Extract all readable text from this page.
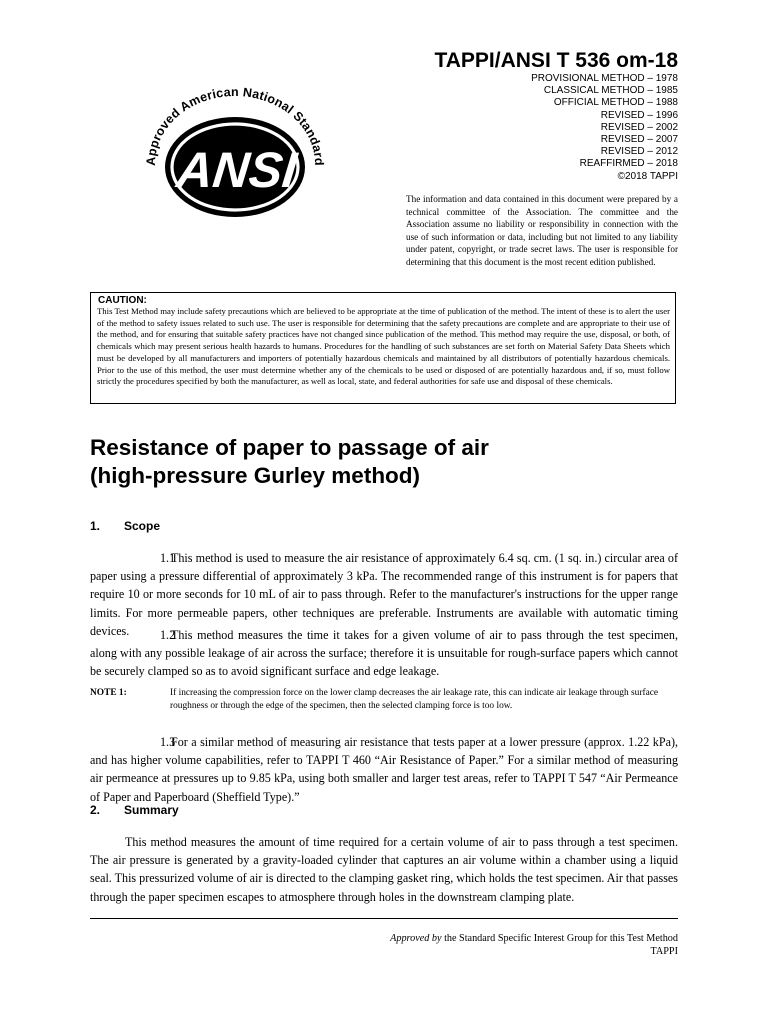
TAPPI/ANSI T 536 om-18
PROVISIONAL METHOD – 1978
CLASSICAL METHOD – 1985
OFFICIAL METHOD – 1988
REVISED – 1996
REVISED – 2002
REVISED – 2007
REVISED – 2012
REAFFIRMED – 2018
©2018 TAPPI
Approved American National Standard
ANSI
The information and data contained in this document were prepared by a technical committee of the Association. The committee and the Association assume no liability or responsibility in connection with the use of such information or data, including but not limited to any liability under patent, copyright, or trade secret laws. The user is responsible for determining that this document is the most recent edition published.
CAUTION:
This Test Method may include safety precautions which are believed to be appropriate at the time of publication of the method. The intent of these is to alert the user of the method to safety issues related to such use. The user is responsible for determining that the safety precautions are complete and are appropriate to their use of the method, and for ensuring that suitable safety practices have not changed since publication of the method. This method may require the use, disposal, or both, of chemicals which may present serious health hazards to humans. Procedures for the handling of such substances are set forth on Material Safety Data Sheets which must be developed by all manufacturers and importers of potentially hazardous chemicals and maintained by all distributors of potentially hazardous chemicals. Prior to the use of this method, the user must determine whether any of the chemicals to be used or disposed of are potentially hazardous and, if so, must follow strictly the procedures specified by both the manufacturer, as well as local, state, and federal authorities for safe use and disposal of these chemicals.
Resistance of paper to passage of air
(high-pressure Gurley method)
1. Scope
1.1This method is used to measure the air resistance of approximately 6.4 sq. cm. (1 sq. in.) circular area of paper using a pressure differential of approximately 3 kPa. The recommended range of this instrument is for papers that require 10 or more seconds for 10 mL of air to pass through. Refer to the manufacturer's instructions for the upper range limits. For more permeable papers, other techniques are preferable. Instruments are available with automatic timing devices.	1.2This method measures the time it takes for a given volume of air to pass through the test specimen, along with any possible leakage of air across the surface; therefore it is unsuitable for rough-surface papers which cannot be securely clamped so as to avoid significant surface and edge leakage.
NOTE 1:	If increasing the compression force on the lower clamp decreases the air leakage rate, this can indicate air leakage through surface roughness or through the edge of the specimen, then the selected clamping force is too low.
1.3For a similar method of measuring air resistance that tests paper at a lower pressure (approx. 1.22 kPa), and has higher volume capabilities, refer to TAPPI T 460 “Air Resistance of Paper.” For a similar method of measuring air permeance at pressures up to 9.85 kPa, using both smaller and larger test areas, refer to TAPPI T 547 “Air Permeance of Paper and Paperboard (Sheffield Type).”
2. Summary
This method measures the amount of time required for a certain volume of air to pass through a test specimen. The air pressure is generated by a gravity-loaded cylinder that captures an air volume within a chamber using a liquid seal. This pressurized volume of air is directed to the clamping gasket ring, which holds the test specimen. Air that passes through the paper specimen escapes to atmosphere through holes in the downstream clamping plate.
Approved by the Standard Specific Interest Group for this Test Method
TAPPI
